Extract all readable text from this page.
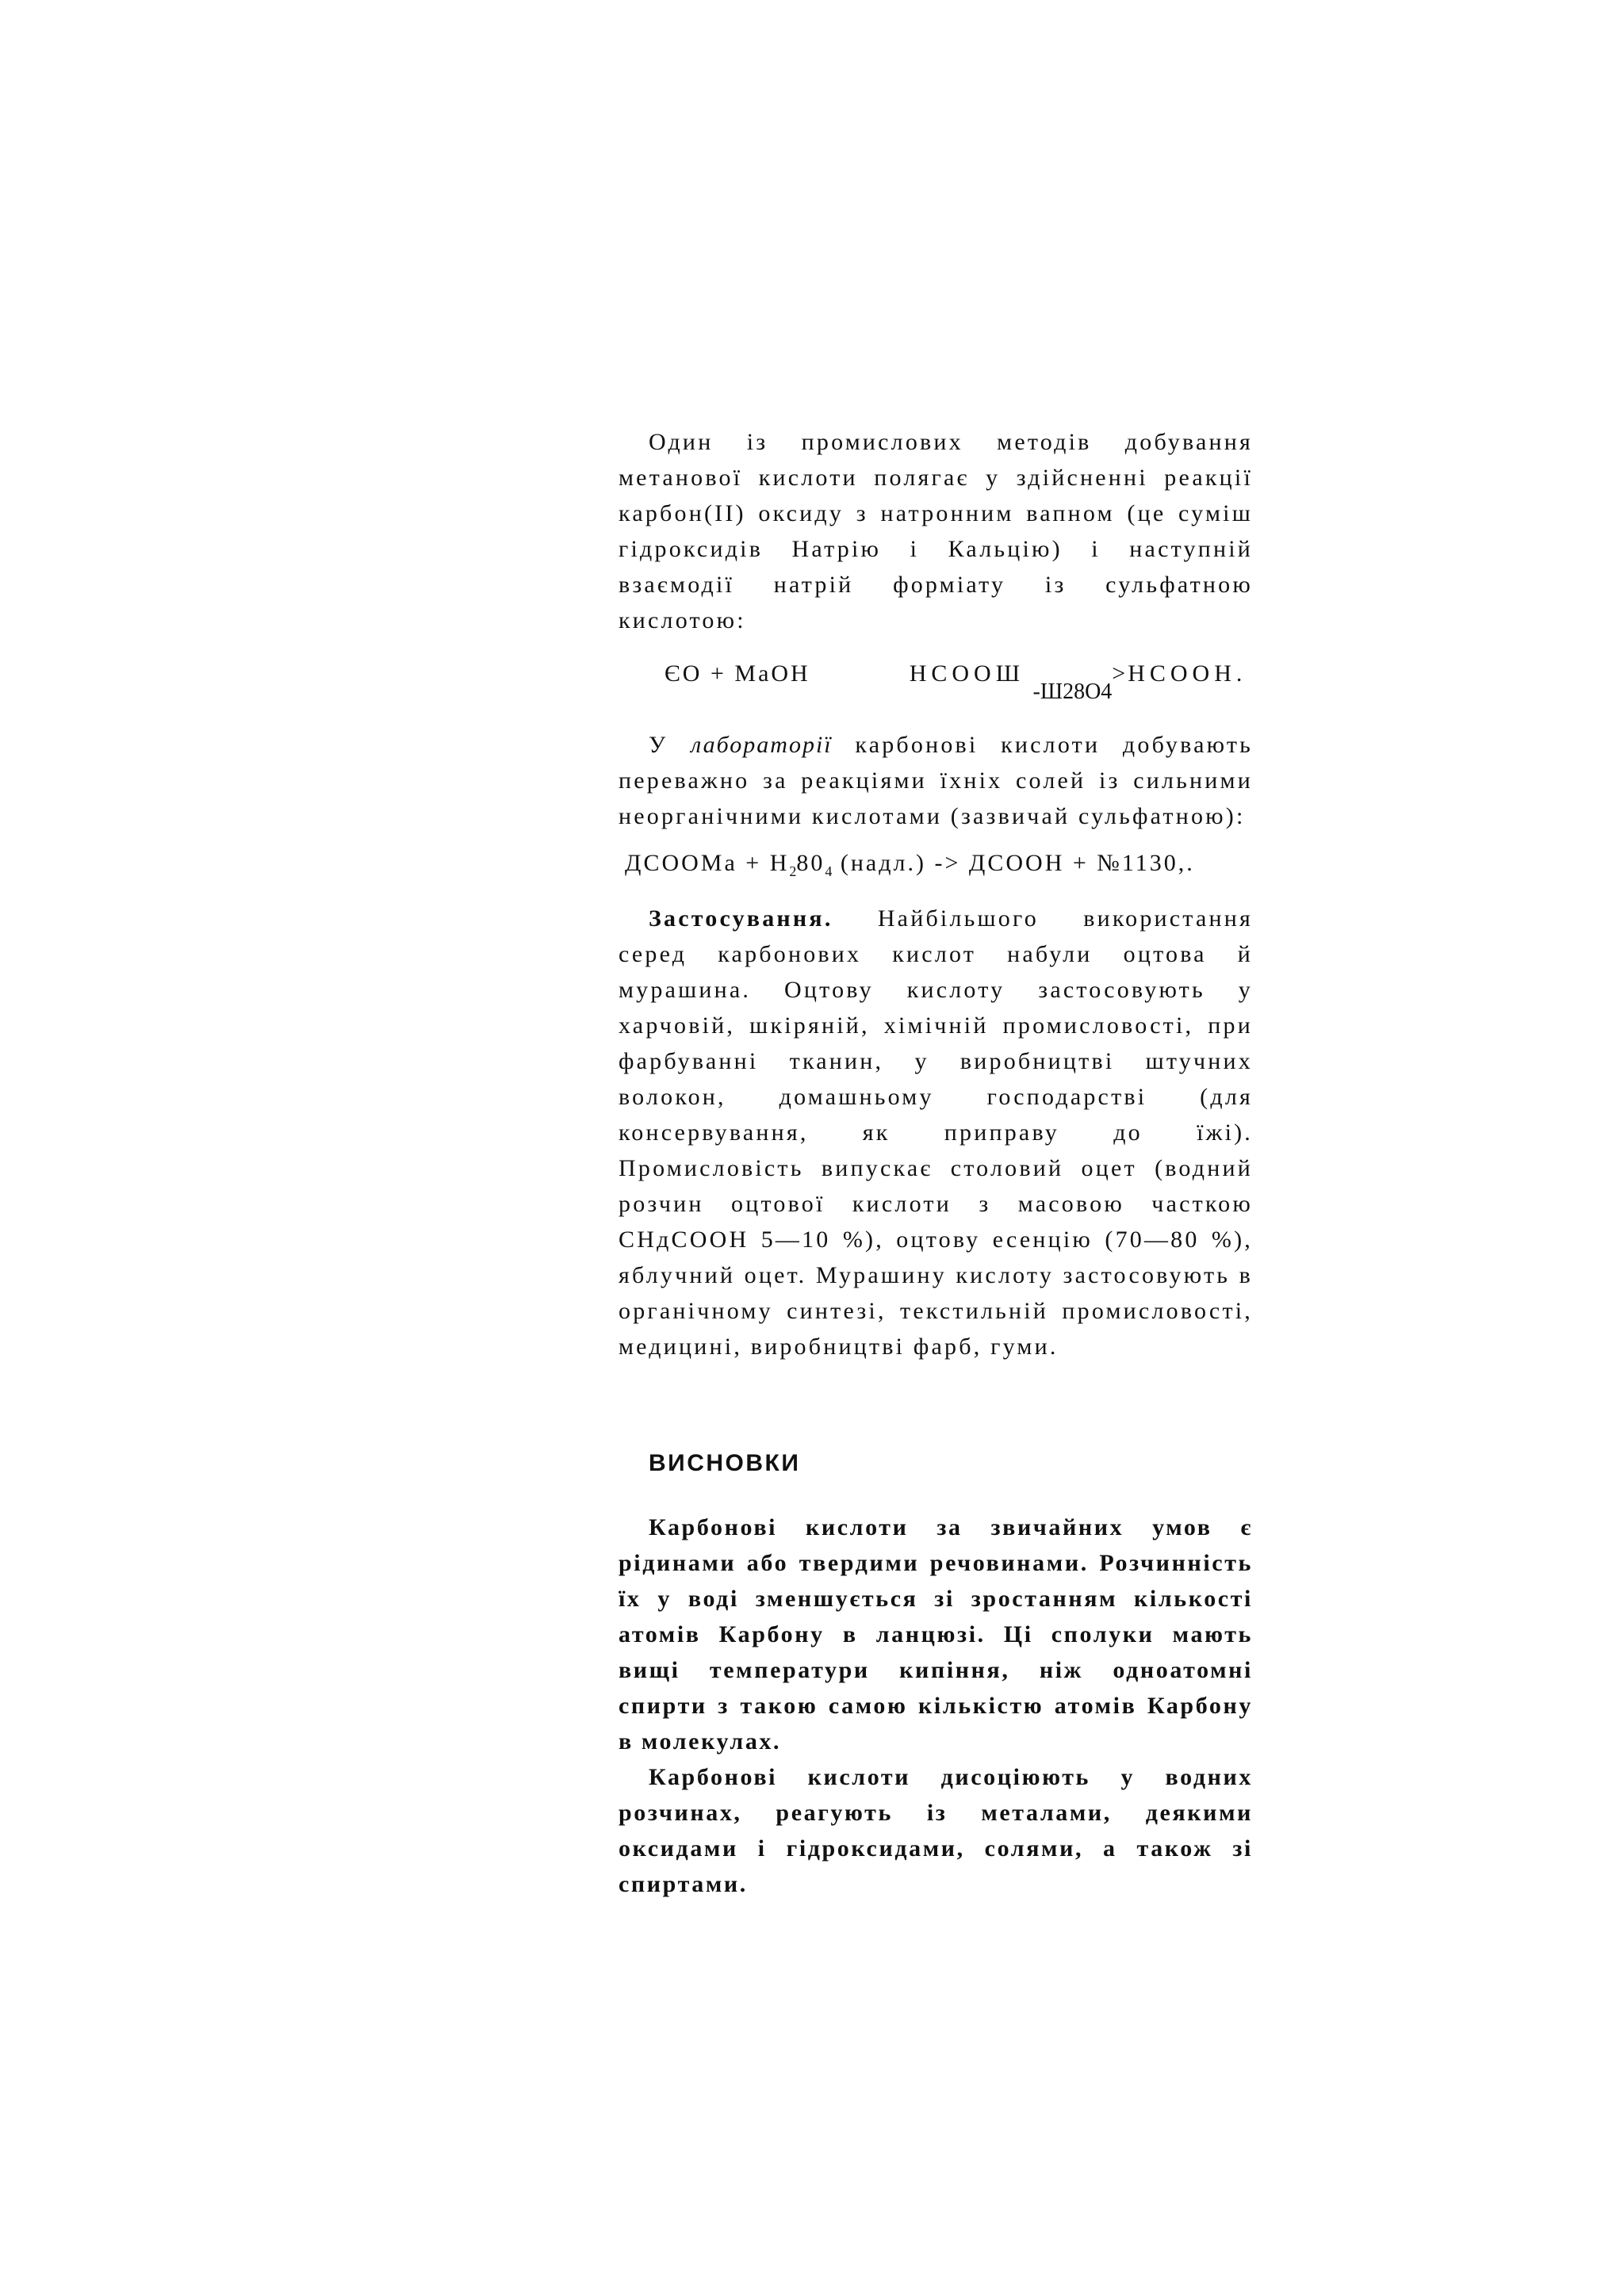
Один із промислових методів добування метанової кислоти полягає у здійсненні реакції карбон(II) оксиду з натронним вапном (це суміш гідроксидів Натрію і Кальцію) і наступній взаємодії натрій форміату із сульфатною кислотою:

ЄО + МаОН	НСООШ $_{-Ш28О4}$>НСООН.

У лабораторії карбонові кислоти добувають переважно за реакціями їхніх солей із сильними неорганічними кислотами (зазвичай сульфатною):

ДСООМа + $Н_280_4$ (надл.) -> ДСООН + №1130,.

Застосування. Найбільшого використання серед карбонових кислот набули оцтова й мурашина. Оцтову кислоту застосовують у харчовій, шкіряній, хімічній промисловості, при фарбуванні тканин, у виробництві штучних волокон, домашньому господарстві (для консервування, як приправу до їжі). Промисловість випускає столовий оцет (водний розчин оцтової кислоти з масовою часткою СНдСООН 5—10 %), оцтову есенцію (70—80 %), яблучний оцет. Мурашину кислоту застосовують в органічному синтезі, текстильній промисловості, медицині, виробництві фарб, гуми.

ВИСНОВКИ

Карбонові кислоти за звичайних умов є рідинами або твердими речовинами. Розчинність їх у воді зменшується зі зростанням кількості атомів Карбону в ланцюзі. Ці сполуки мають вищі температури кипіння, ніж одноатомні спирти з такою самою кількістю атомів Карбону в молекулах.

Карбонові кислоти дисоціюють у водних розчинах, реагують із металами, деякими оксидами і гідроксидами, солями, а також зі спиртами.
